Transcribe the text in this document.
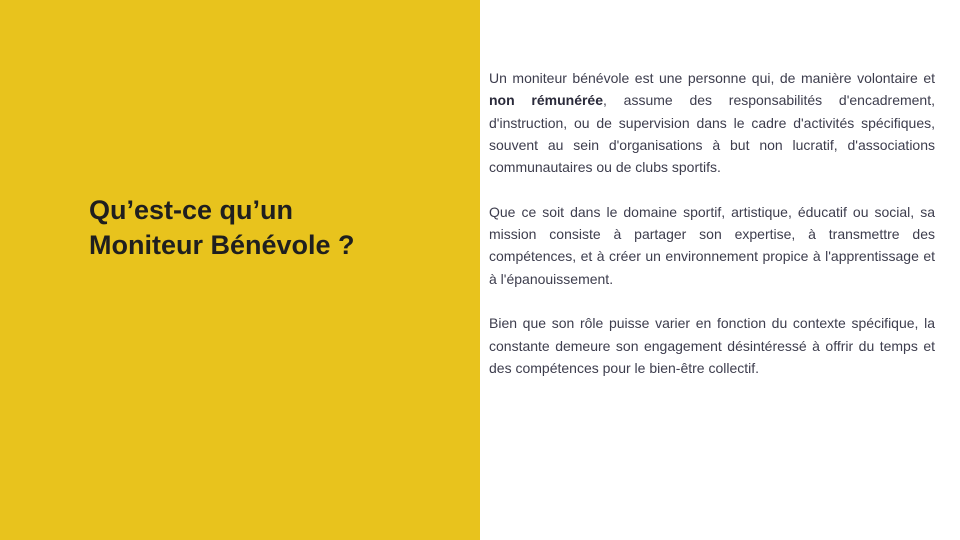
Qu’est-ce qu’un
Moniteur Bénévole ?

Un moniteur bénévole est une personne qui, de manière volontaire et non rémunérée, assume des responsabilités d'encadrement, d'instruction, ou de supervision dans le cadre d'activités spécifiques, souvent au sein d'organisations à but non lucratif, d'associations communautaires ou de clubs sportifs.

Que ce soit dans le domaine sportif, artistique, éducatif ou social, sa mission consiste à partager son expertise, à transmettre des compétences, et à créer un environnement propice à l'apprentissage et à l'épanouissement.

Bien que son rôle puisse varier en fonction du contexte spécifique, la constante demeure son engagement désintéressé à offrir du temps et des compétences pour le bien-être collectif.
